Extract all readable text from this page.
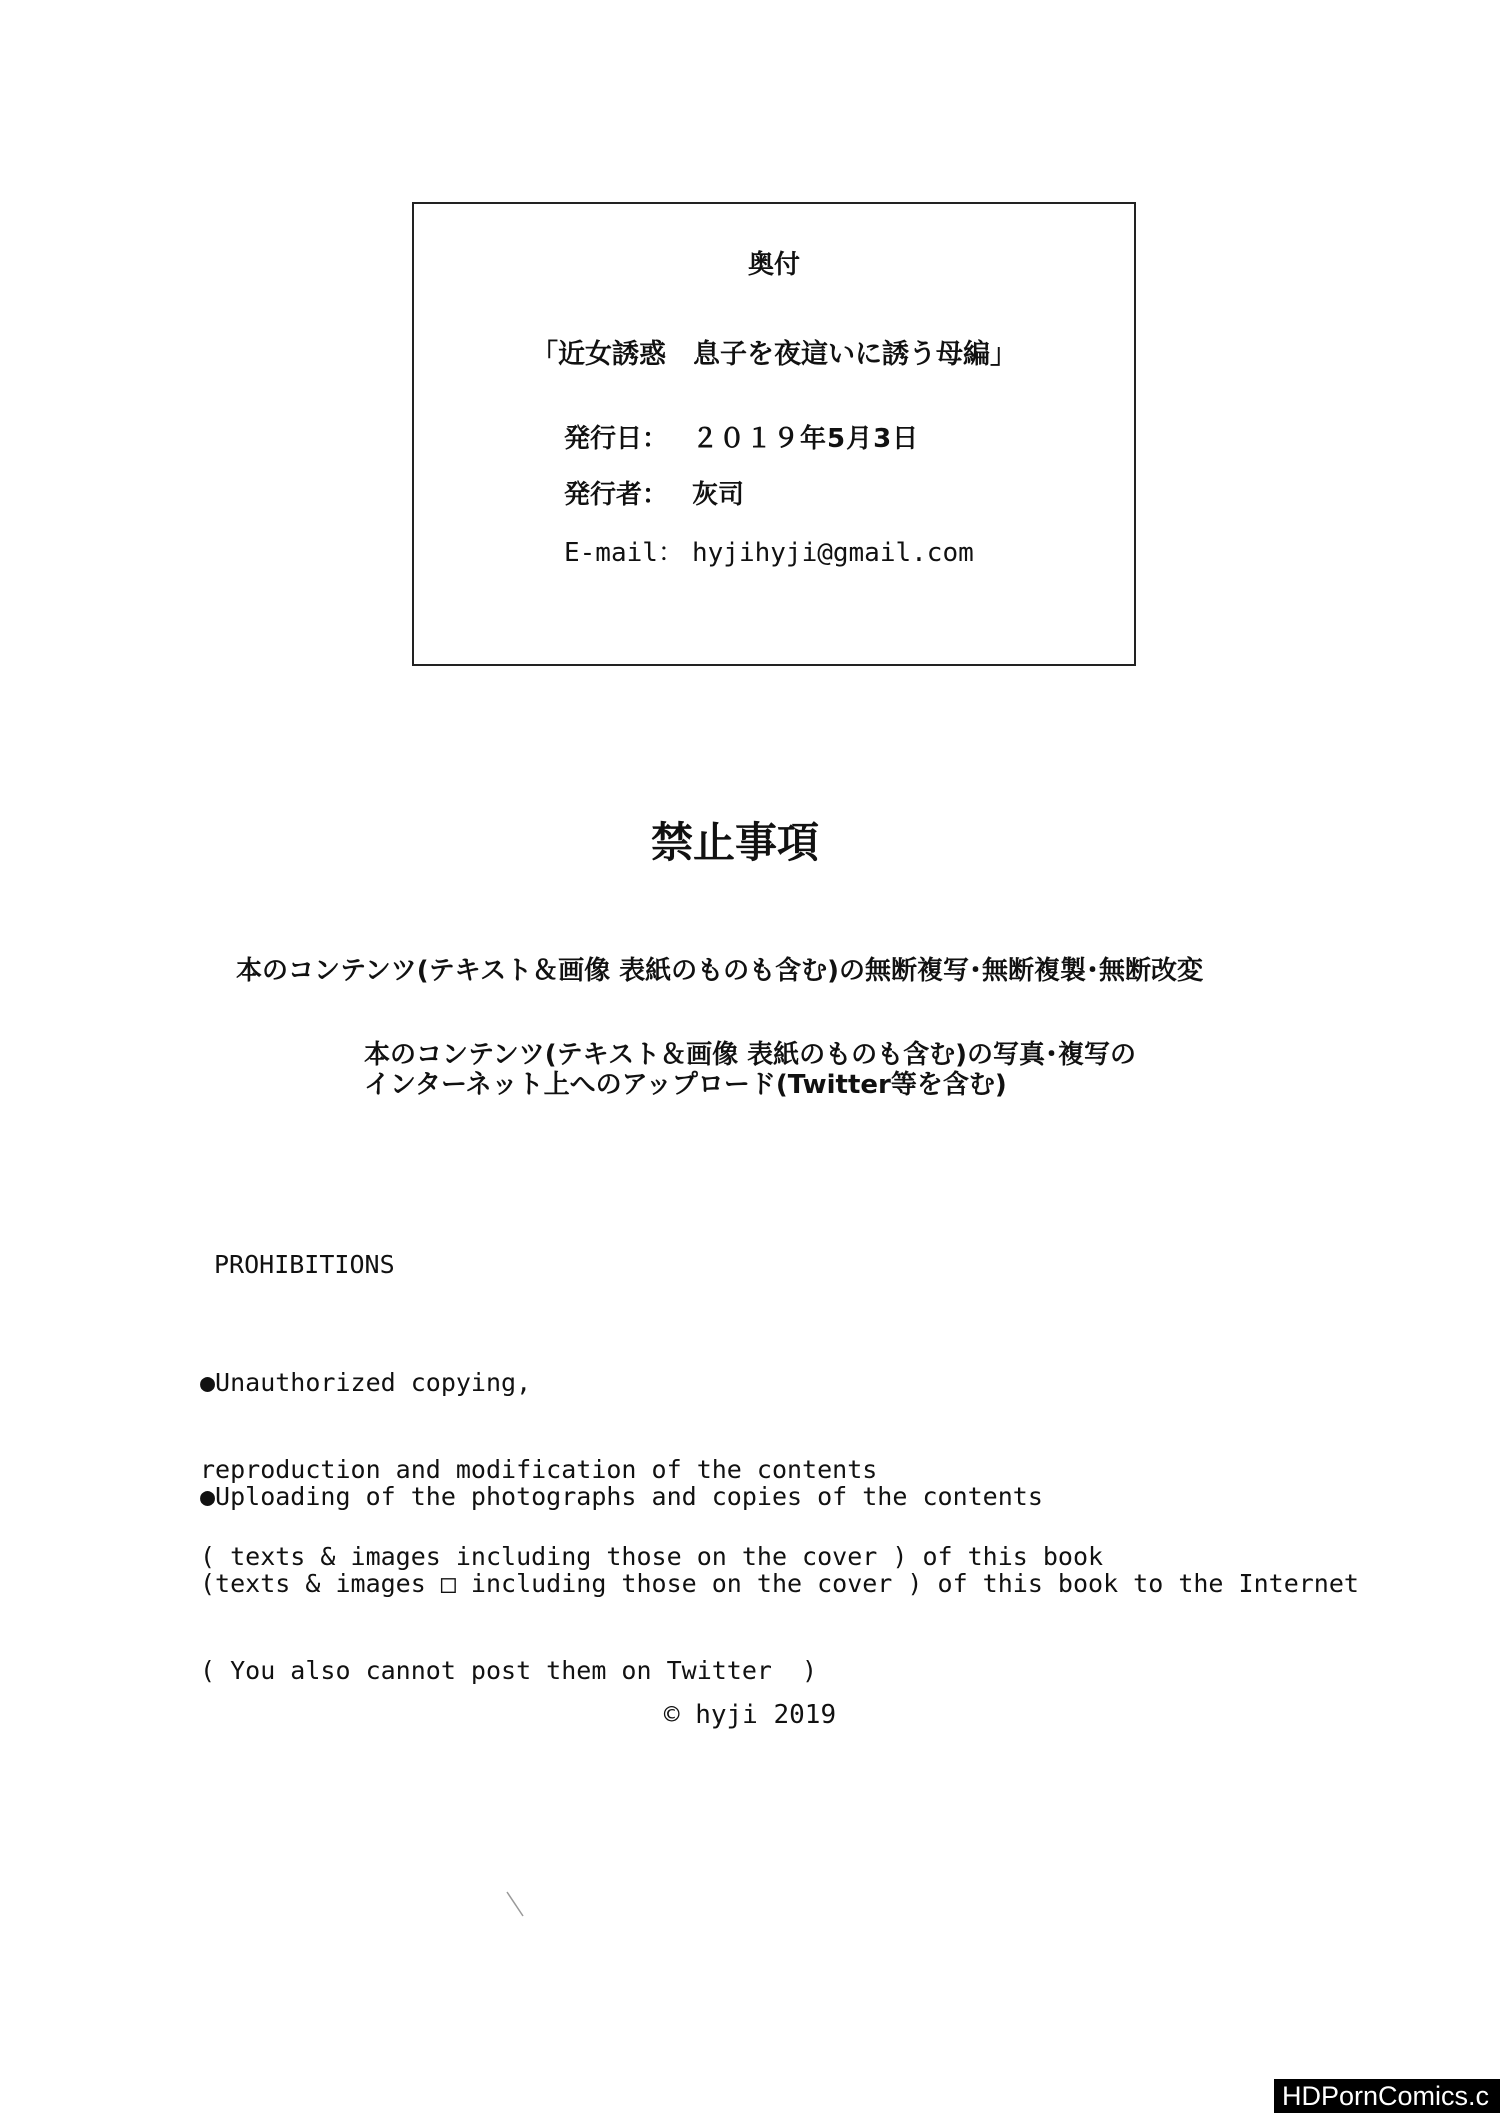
奥付
「近女誘惑　息子を夜這いに誘う母編」
発行日： ２０１９年5月3日
発行者： 灰司
E-mail： hyjihyji@gmail.com
禁止事項
本のコンテンツ(テキスト＆画像 表紙のものも含む)の無断複写･無断複製･無断改変
本のコンテンツ(テキスト＆画像 表紙のものも含む)の写真･複写の
インターネット上へのアップロード(Twitter等を含む)
PROHIBITIONS

●Unauthorized copying,

reproduction and modification of the contents

( texts & images including those on the cover ) of this book

●Uploading of the photographs and copies of the contents

(texts & images □ including those on the cover ) of this book to the Internet

( You also cannot post them on Twitter  )

© hyji 2019
HDPornComics.c
